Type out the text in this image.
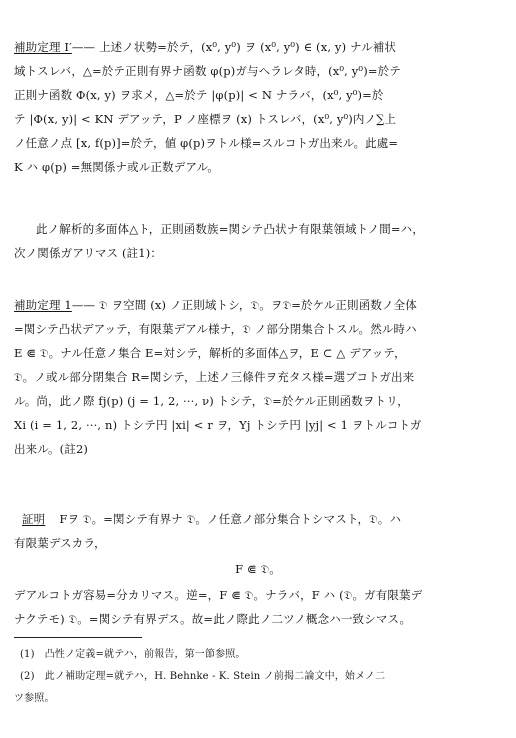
補助定理 I′—— 上述ノ状勢=於テ，(x⁰, y⁰) ヲ (x⁰, y⁰) ∈ (x, y) ナル補状
域トスレバ，△=於テ正則有界ナ函数 φ(p)ガ与ヘラレタ時，(x⁰, y⁰)=於テ
正則ナ函数 Φ(x, y) ヲ求メ，△=於テ |φ(p)| < N ナラバ，(x⁰, y⁰)=於
テ |Φ(x, y)| < KN デアッテ，P ノ座標ヲ (x) トスレバ，(x⁰, y⁰)内ノ∑上
ノ任意ノ点 [x, f(p)]=於テ，値 φ(p)ヲトル様=スルコトガ出来ル。此處=
K ハ φ(p) =無関係ナ或ル正数デアル。
此ノ解析的多面体△ト，正則函数族=関シテ凸状ナ有限葉領域トノ間=ハ，
次ノ関係ガアリマス (註1)：
補助定理 1—— 𝔇 ヲ空間 (x) ノ正則域トシ，𝔇。ヲ𝔇=於ケル正則函数ノ全体
=関シテ凸状デアッテ，有限葉デアル様ナ，𝔇 ノ部分閉集合トスル。然ル時ハ
E ⋐ 𝔇。ナル任意ノ集合 E=対シテ，解析的多面体△ヲ，E ⊂ △ デアッテ，
𝔇。ノ或ル部分閉集合 R=関シテ，上述ノ三條件ヲ充タス様=選ブコトガ出来
ル。尚，此ノ際 fj(p) (j = 1, 2, ···, ν) トシテ，𝔇=於ケル正則函数ヲトリ，
Xi (i = 1, 2, ···, n) トシテ円 |xi| < r ヲ，Yj トシテ円 |yj| < 1 ヲトルコトガ
出来ル。(註2)
証明 Fヲ 𝔇。=関シテ有界ナ 𝔇。ノ任意ノ部分集合トシマスト，𝔇。ハ
有限葉デスカラ，
F ⋐ 𝔇。
デアルコトガ容易=分カリマス。逆=，F ⋐ 𝔇。ナラバ，F ハ (𝔇。ガ有限葉デ
ナクテモ) 𝔇。=関シテ有界デス。故=此ノ際此ノ二ツノ概念ハ一致シマス。
(1)　凸性ノ定義=就テハ，前報告，第一節参照。
(2)　此ノ補助定理=就テハ，H. Behnke - K. Stein ノ前揭二論文中，始メノ二
ツ参照。
